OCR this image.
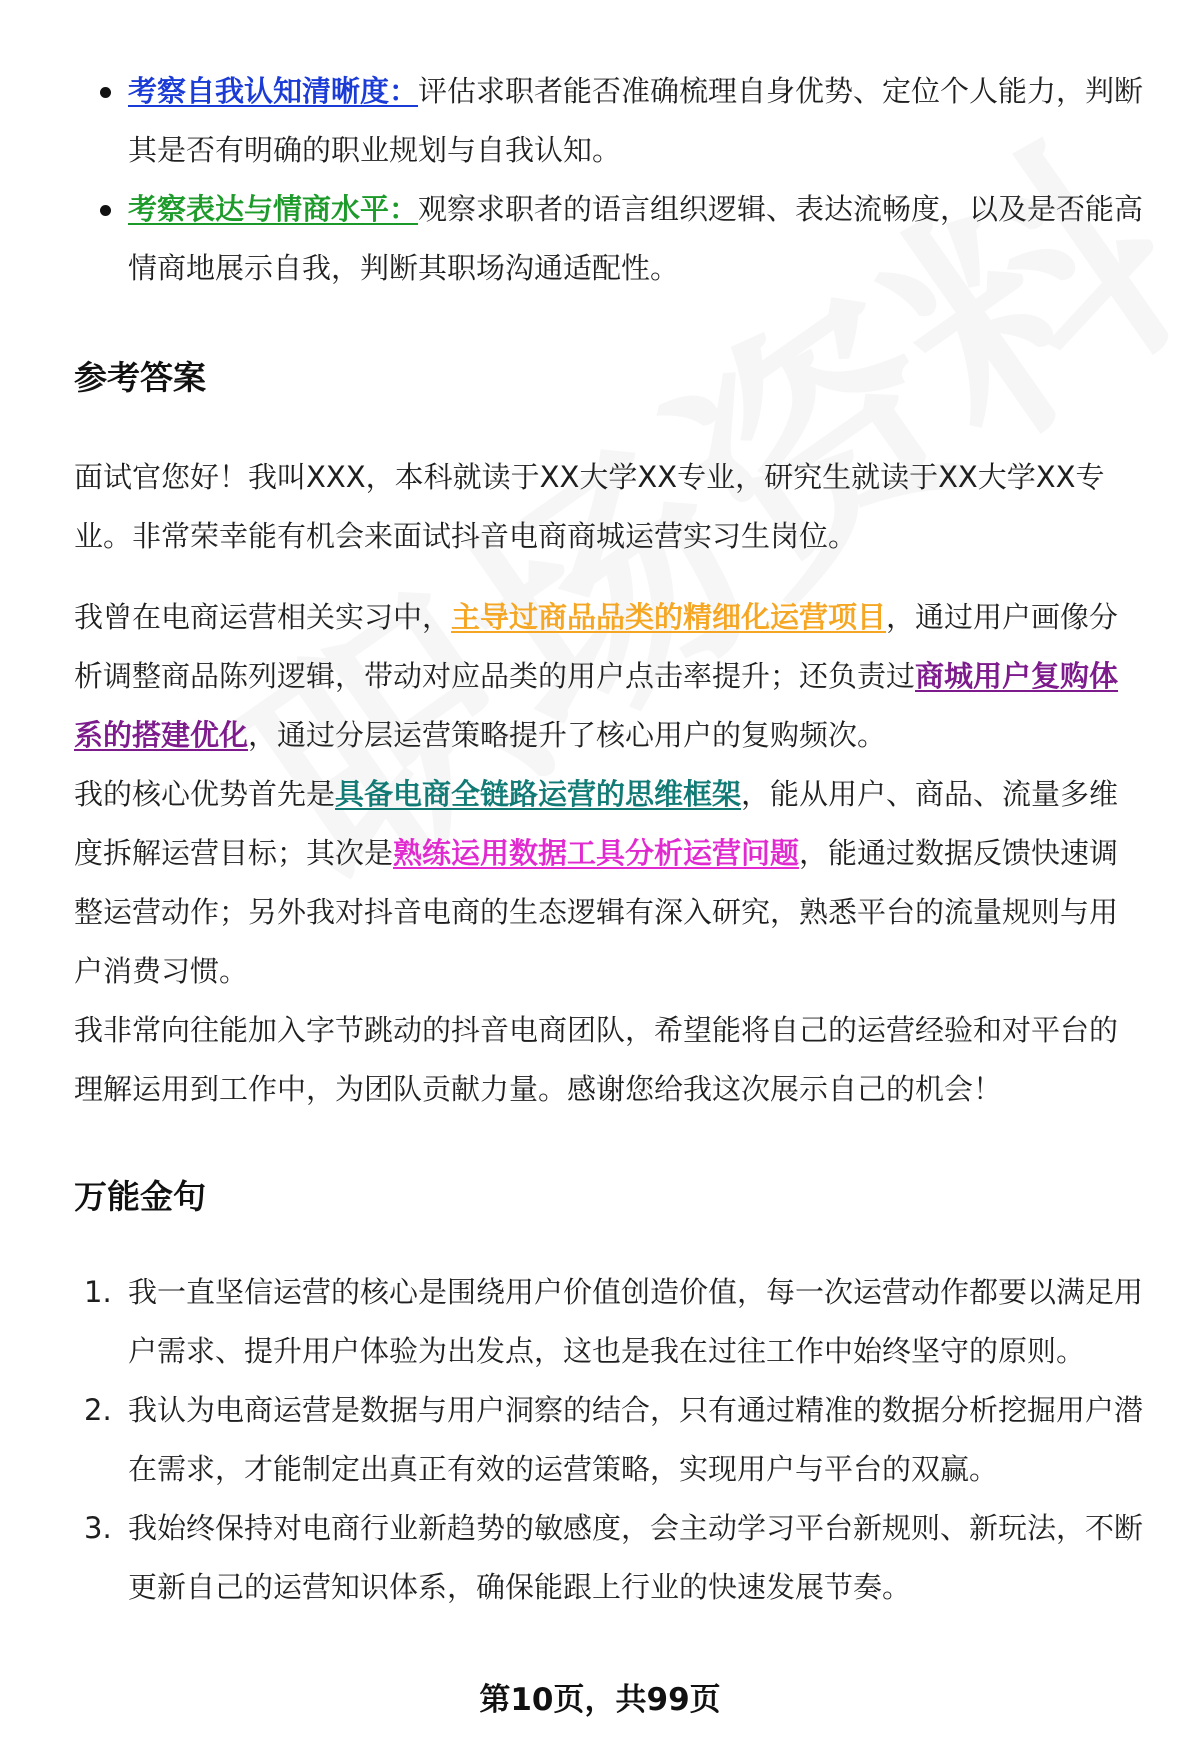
考察自我认知清晰度：评估求职者能否准确梳理自身优势、定位个人能力，判断其是否有明确的职业规划与自我认知。
考察表达与情商水平：观察求职者的语言组织逻辑、表达流畅度，以及是否能高情商地展示自我，判断其职场沟通适配性。
参考答案

面试官您好！我叫XXX，本科就读于XX大学XX专业，研究生就读于XX大学XX专业。非常荣幸能有机会来面试抖音电商商城运营实习生岗位。

我曾在电商运营相关实习中，主导过商品品类的精细化运营项目，通过用户画像分析调整商品陈列逻辑，带动对应品类的用户点击率提升；还负责过商城用户复购体系的搭建优化，通过分层运营策略提升了核心用户的复购频次。

我的核心优势首先是具备电商全链路运营的思维框架，能从用户、商品、流量多维度拆解运营目标；其次是熟练运用数据工具分析运营问题，能通过数据反馈快速调整运营动作；另外我对抖音电商的生态逻辑有深入研究，熟悉平台的流量规则与用户消费习惯。

我非常向往能加入字节跳动的抖音电商团队，希望能将自己的运营经验和对平台的理解运用到工作中，为团队贡献力量。感谢您给我这次展示自己的机会！

万能金句
1. 我一直坚信运营的核心是围绕用户价值创造价值，每一次运营动作都要以满足用户需求、提升用户体验为出发点，这也是我在过往工作中始终坚守的原则。
2. 我认为电商运营是数据与用户洞察的结合，只有通过精准的数据分析挖掘用户潜在需求，才能制定出真正有效的运营策略，实现用户与平台的双赢。
3. 我始终保持对电商行业新趋势的敏感度，会主动学习平台新规则、新玩法，不断更新自己的运营知识体系，确保能跟上行业的快速发展节奏。
第10页，共99页
